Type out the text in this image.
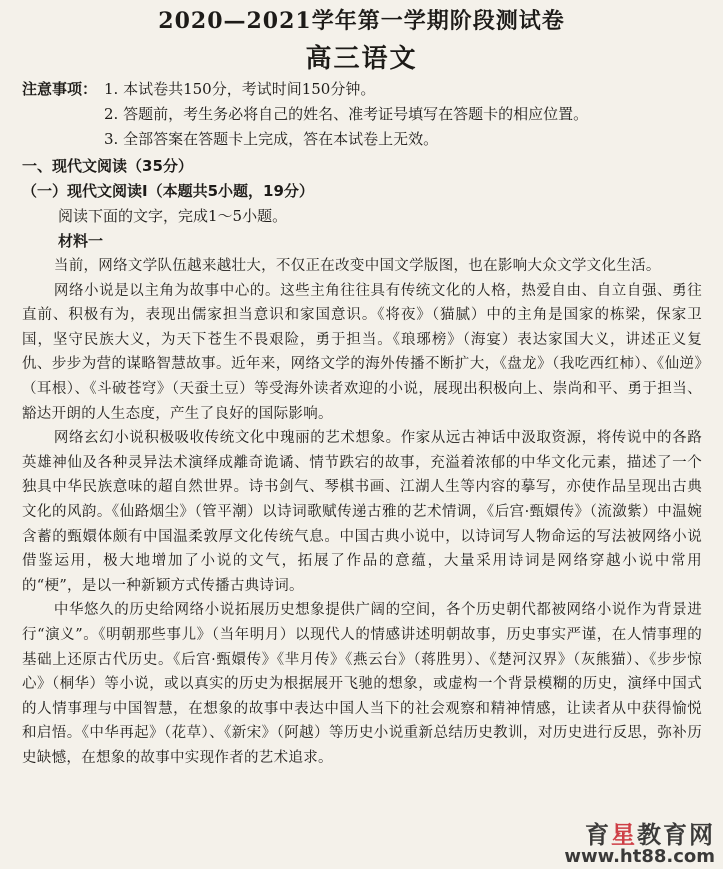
2020—2021学年第一学期阶段测试卷
高三语文
注意事项： 1. 本试卷共150分，考试时间150分钟。
2. 答题前，考生务必将自己的姓名、准考证号填写在答题卡的相应位置。
3. 全部答案在答题卡上完成，答在本试卷上无效。
一、现代文阅读（35分）
（一）现代文阅读Ⅰ（本题共5小题，19分）
阅读下面的文字，完成1～5小题。
材料一

当前，网络文学队伍越来越壮大，不仅正在改变中国文学版图，也在影响大众文学文化生活。

网络小说是以主角为故事中心的。这些主角往往具有传统文化的人格，热爱自由、自立自强、勇往直前、积极有为，表现出儒家担当意识和家国意识。《将夜》（猫腻）中的主角是国家的栋梁，保家卫国，坚守民族大义，为天下苍生不畏艰险，勇于担当。《琅琊榜》（海宴）表达家国大义，讲述正义复仇、步步为营的谋略智慧故事。近年来，网络文学的海外传播不断扩大，《盘龙》（我吃西红柿）、《仙逆》（耳根）、《斗破苍穹》（天蚕土豆）等受海外读者欢迎的小说，展现出积极向上、崇尚和平、勇于担当、豁达开朗的人生态度，产生了良好的国际影响。

网络玄幻小说积极吸收传统文化中瑰丽的艺术想象。作家从远古神话中汲取资源，将传说中的各路英雄神仙及各种灵异法术演绎成離奇诡谲、情节跌宕的故事，充溢着浓郁的中华文化元素，描述了一个独具中华民族意味的超自然世界。诗书剑气、琴棋书画、江湖人生等内容的摹写，亦使作品呈现出古典文化的风韵。《仙路烟尘》（管平潮）以诗词歌赋传递古雅的艺术情调，《后宫·甄嬛传》（流潋紫）中温婉含蓄的甄嬛体颇有中国温柔敦厚文化传统气息。中国古典小说中，以诗词写人物命运的写法被网络小说借鉴运用，极大地增加了小说的文气，拓展了作品的意蕴，大量采用诗词是网络穿越小说中常用的“梗”，是以一种新颖方式传播古典诗词。

中华悠久的历史给网络小说拓展历史想象提供广阔的空间，各个历史朝代都被网络小说作为背景进行“演义”。《明朝那些事儿》（当年明月）以现代人的情感讲述明朝故事，历史事实严谨，在人情事理的基础上还原古代历史。《后宫·甄嬛传》《芈月传》《燕云台》（蒋胜男）、《楚河汉界》（灰熊猫）、《步步惊心》（桐华）等小说，或以真实的历史为根据展开飞驰的想象，或虚构一个背景模糊的历史，演绎中国式的人情事理与中国智慧，在想象的故事中表达中国人当下的社会观察和精神情感，让读者从中获得愉悦和启悟。《中华再起》（花草）、《新宋》（阿越）等历史小说重新总结历史教训，对历史进行反思，弥补历史缺憾，在想象的故事中实现作者的艺术追求。

育星教育网
www.ht88.com
